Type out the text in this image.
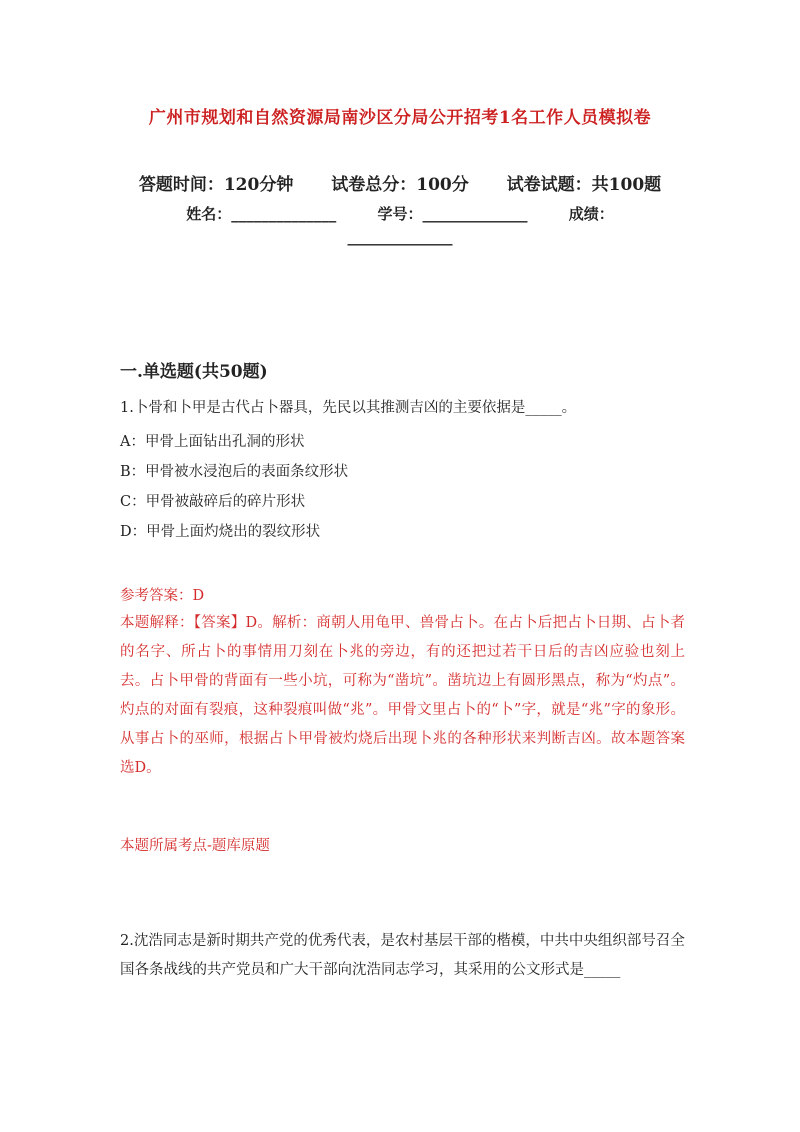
广州市规划和自然资源局南沙区分局公开招考1名工作人员模拟卷
答题时间：120分钟 试卷总分：100分 试卷试题：共100题
姓名：______________	学号：______________	成绩：
______________
一.单选题(共50题)
1.卜骨和卜甲是古代占卜器具，先民以其推测吉凶的主要依据是_____。
A：甲骨上面钻出孔洞的形状
B：甲骨被水浸泡后的表面条纹形状
C：甲骨被敲碎后的碎片形状
D：甲骨上面灼烧出的裂纹形状
参考答案：D
本题解释：【答案】D。解析：商朝人用龟甲、兽骨占卜。在占卜后把占卜日期、占卜者的名字、所占卜的事情用刀刻在卜兆的旁边，有的还把过若干日后的吉凶应验也刻上去。占卜甲骨的背面有一些小坑，可称为“凿坑”。凿坑边上有圆形黑点，称为“灼点”。灼点的对面有裂痕，这种裂痕叫做“兆”。甲骨文里占卜的“卜”字，就是“兆”字的象形。从事占卜的巫师，根据占卜甲骨被灼烧后出现卜兆的各种形状来判断吉凶。故本题答案选D。
本题所属考点-题库原题
2.沈浩同志是新时期共产党的优秀代表，是农村基层干部的楷模，中共中央组织部号召全国各条战线的共产党员和广大干部向沈浩同志学习，其采用的公文形式是_____
